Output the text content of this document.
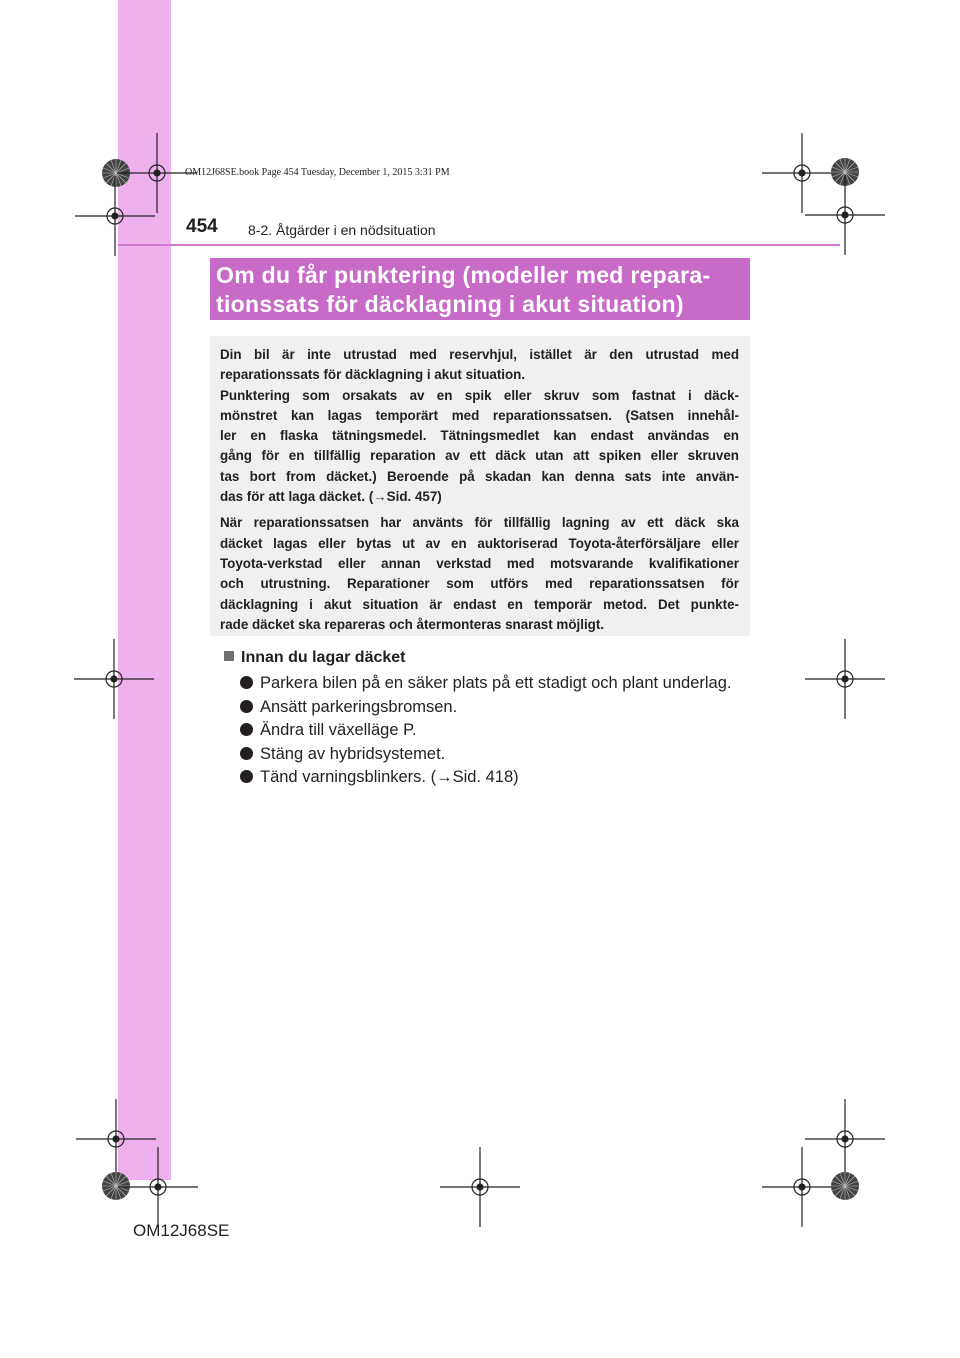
OM12J68SE.book Page 454 Tuesday, December 1, 2015 3:31 PM
454 8-2. Åtgärder i en nödsituation
Om du får punktering (modeller med repara-
tionssats för däcklagning i akut situation)

Din bil är inte utrustad med reservhjul, istället är den utrustad med
reparationssats för däcklagning i akut situation.

Punktering som orsakats av en spik eller skruv som fastnat i däck-
mönstret kan lagas temporärt med reparationssatsen. (Satsen innehål-
ler en flaska tätningsmedel. Tätningsmedlet kan endast användas en
gång för en tillfällig reparation av ett däck utan att spiken eller skruven
tas bort from däcket.) Beroende på skadan kan denna sats inte använ-
das för att laga däcket. (→Sid. 457)

När reparationssatsen har använts för tillfällig lagning av ett däck ska
däcket lagas eller bytas ut av en auktoriserad Toyota-återförsäljare eller
Toyota-verkstad eller annan verkstad med motsvarande kvalifikationer
och utrustning. Reparationer som utförs med reparationssatsen för
däcklagning i akut situation är endast en temporär metod. Det punkte-
rade däcket ska repareras och återmonteras snarast möjligt.

Innan du lagar däcket
Parkera bilen på en säker plats på ett stadigt och plant underlag.
Ansätt parkeringsbromsen.
Ändra till växelläge P.
Stäng av hybridsystemet.
Tänd varningsblinkers. (→Sid. 418)
OM12J68SE
